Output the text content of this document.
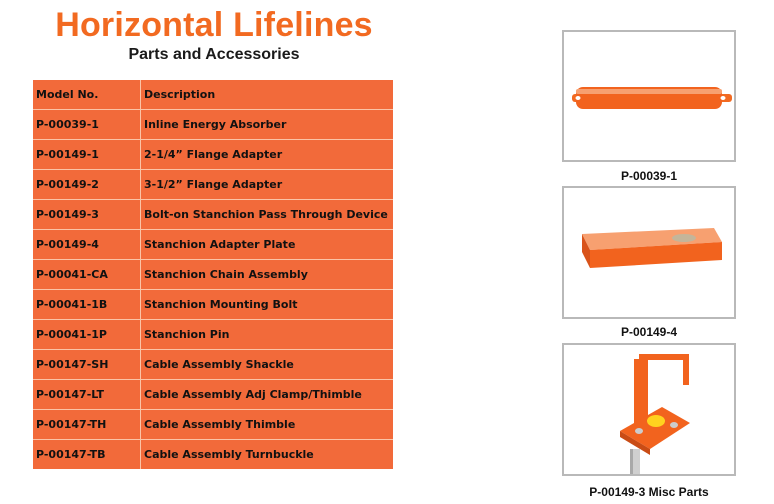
Horizontal Lifelines
Parts and Accessories
Model No.	Description
P-00039-1	Inline Energy Absorber
P-00149-1	2-1/4” Flange Adapter
P-00149-2	3-1/2” Flange Adapter
P-00149-3	Bolt-on Stanchion Pass Through Device
P-00149-4	Stanchion Adapter Plate
P-00041-CA	Stanchion Chain Assembly
P-00041-1B	Stanchion Mounting Bolt
P-00041-1P	Stanchion Pin
P-00147-SH	Cable Assembly Shackle
P-00147-LT	Cable Assembly Adj Clamp/Thimble
P-00147-TH	Cable Assembly Thimble
P-00147-TB	Cable Assembly Turnbuckle
P-00039-1
P-00149-4
P-00149-3 Misc Parts
